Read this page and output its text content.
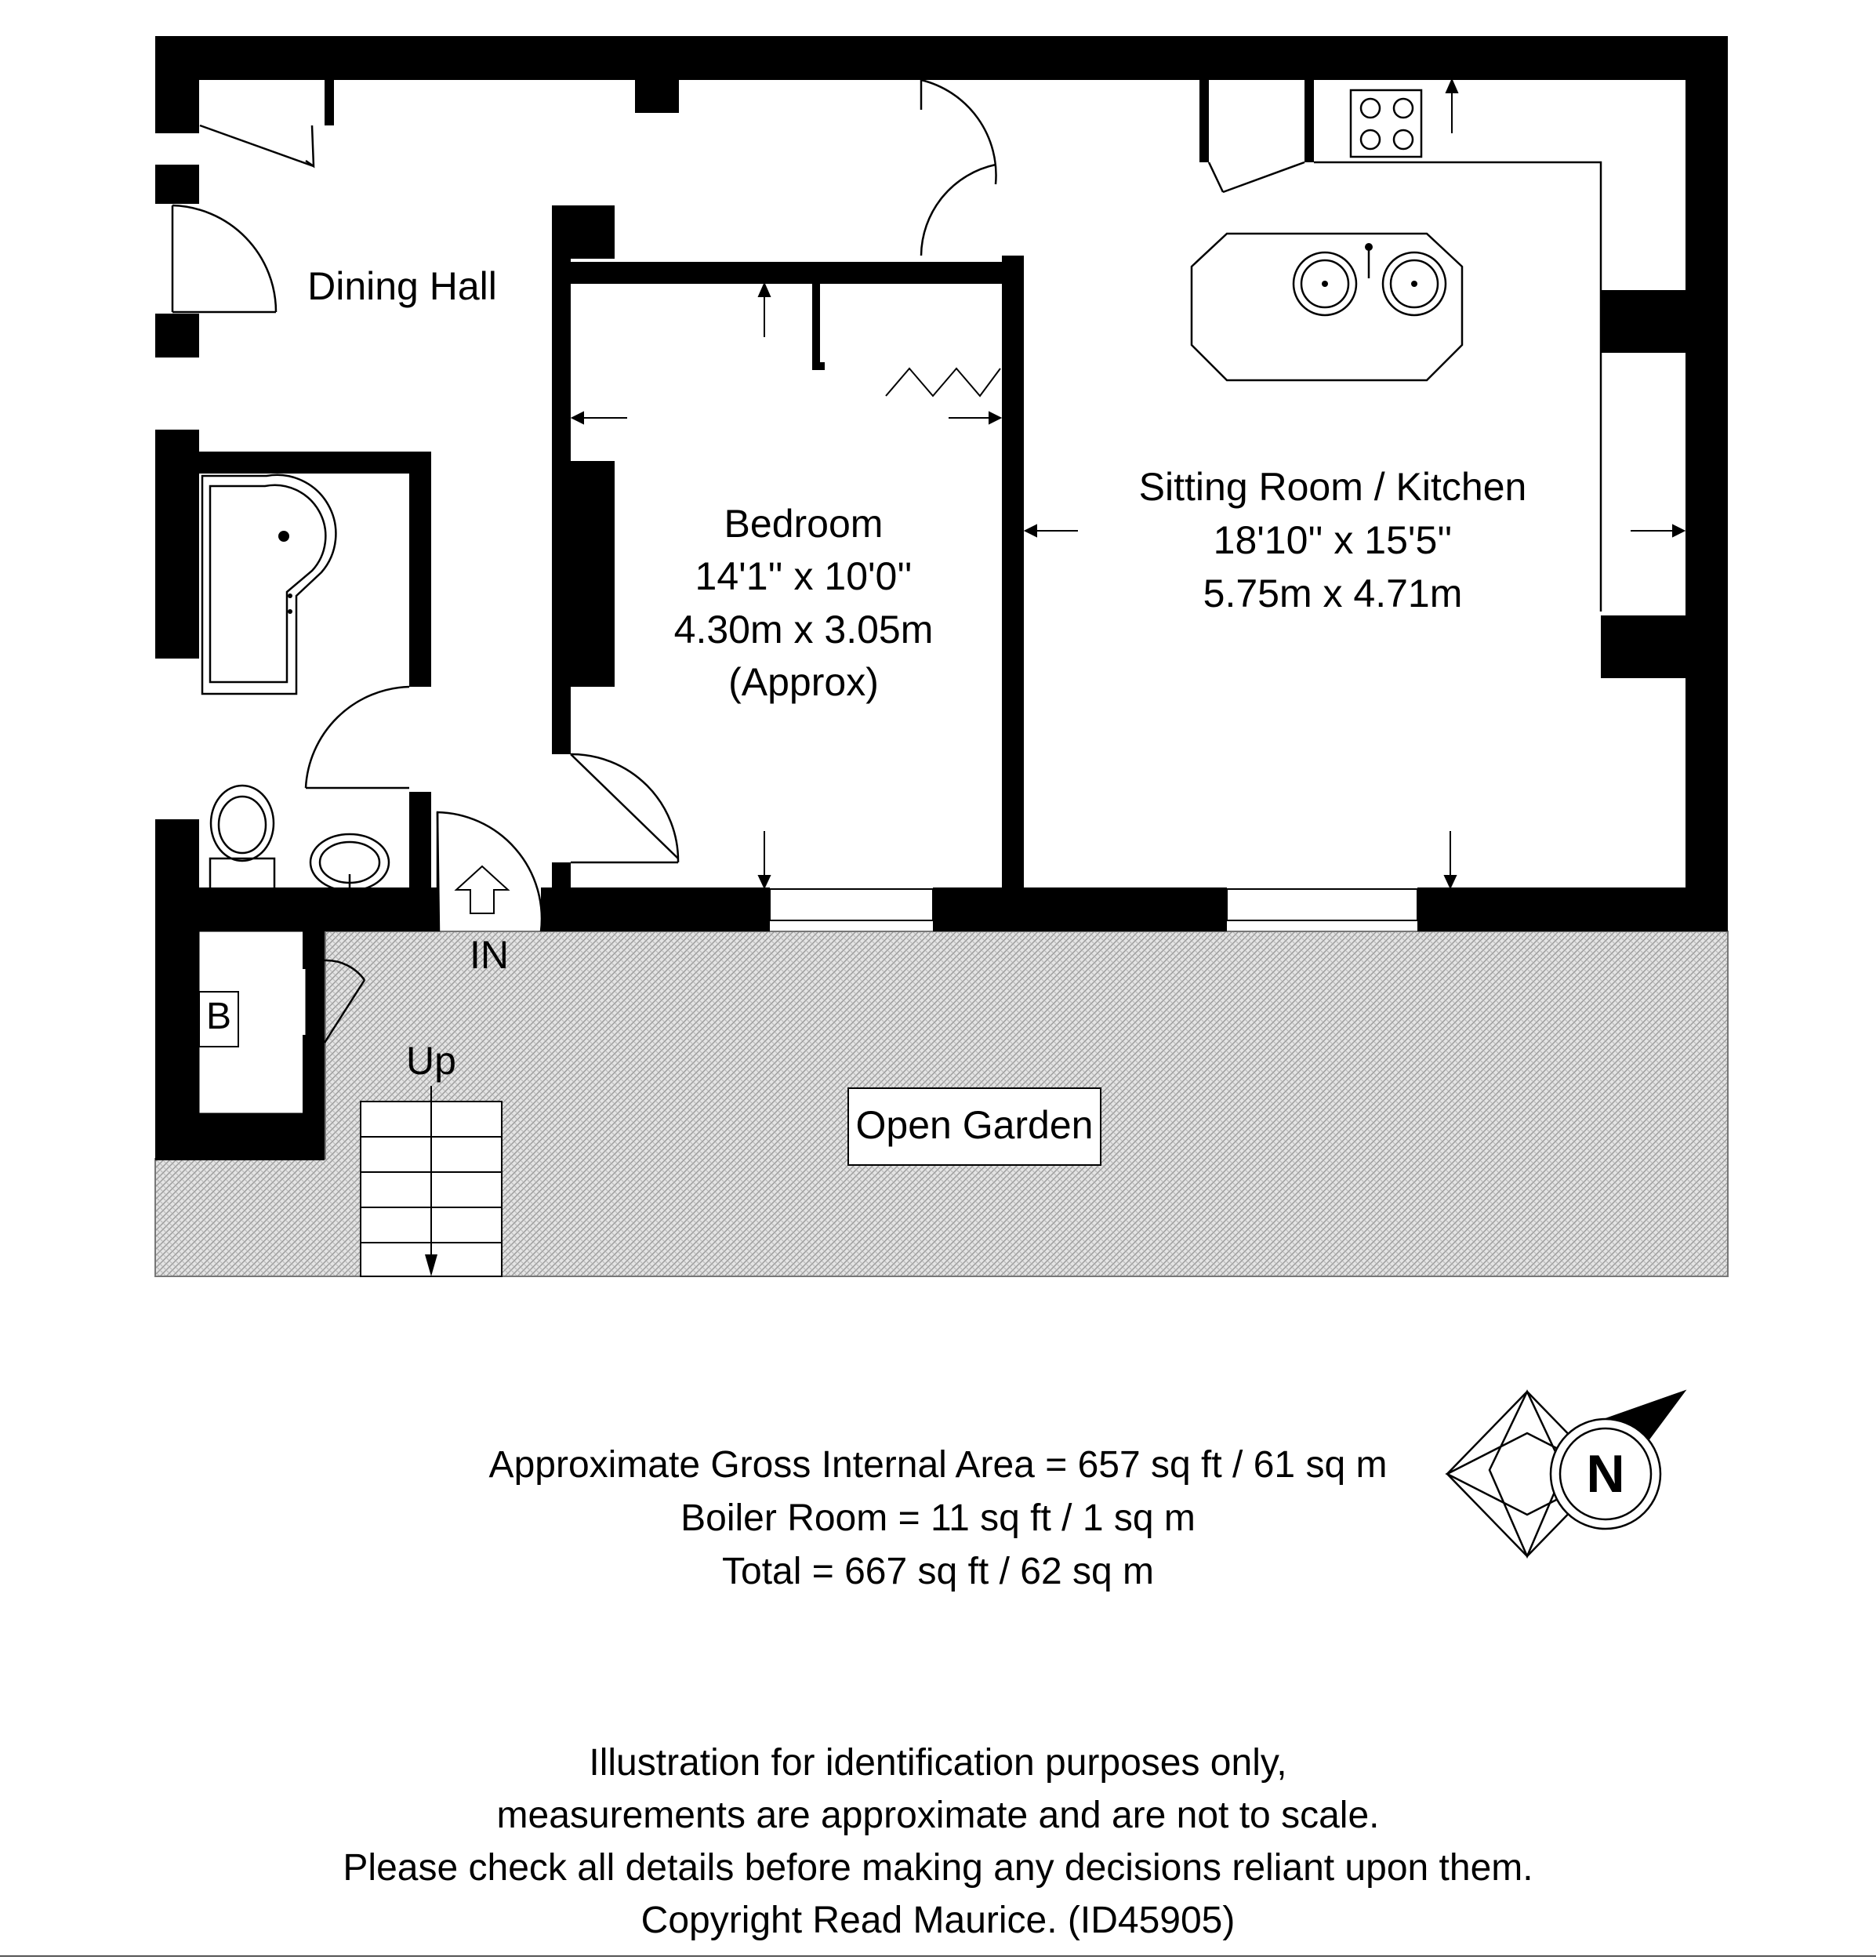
Dining Hall
Bedroom
14'1'' x 10'0''
4.30m x 3.05m
(Approx)
Sitting Room / Kitchen
18'10'' x 15'5''
5.75m x 4.71m
B
IN
Up
Open Garden
N
Approximate Gross Internal Area = 657 sq ft / 61 sq m
Boiler Room = 11 sq ft / 1 sq m
Total = 667 sq ft / 62 sq m
Illustration for identification purposes only,
measurements are approximate and are not to scale.
Please check all details before making any decisions reliant upon them.
Copyright Read Maurice. (ID45905)
